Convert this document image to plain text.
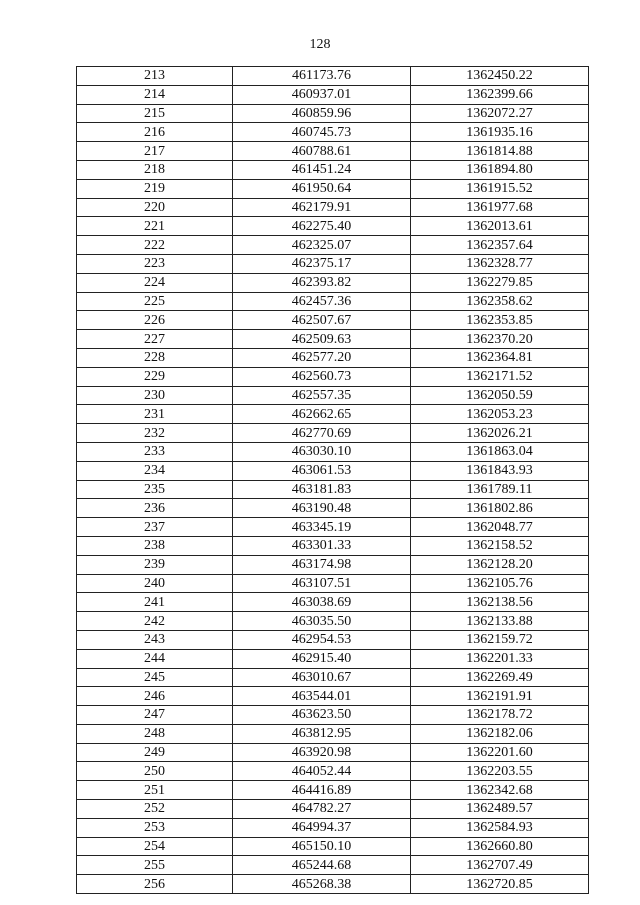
128
213	461173.76	1362450.22
214	460937.01	1362399.66
215	460859.96	1362072.27
216	460745.73	1361935.16
217	460788.61	1361814.88
218	461451.24	1361894.80
219	461950.64	1361915.52
220	462179.91	1361977.68
221	462275.40	1362013.61
222	462325.07	1362357.64
223	462375.17	1362328.77
224	462393.82	1362279.85
225	462457.36	1362358.62
226	462507.67	1362353.85
227	462509.63	1362370.20
228	462577.20	1362364.81
229	462560.73	1362171.52
230	462557.35	1362050.59
231	462662.65	1362053.23
232	462770.69	1362026.21
233	463030.10	1361863.04
234	463061.53	1361843.93
235	463181.83	1361789.11
236	463190.48	1361802.86
237	463345.19	1362048.77
238	463301.33	1362158.52
239	463174.98	1362128.20
240	463107.51	1362105.76
241	463038.69	1362138.56
242	463035.50	1362133.88
243	462954.53	1362159.72
244	462915.40	1362201.33
245	463010.67	1362269.49
246	463544.01	1362191.91
247	463623.50	1362178.72
248	463812.95	1362182.06
249	463920.98	1362201.60
250	464052.44	1362203.55
251	464416.89	1362342.68
252	464782.27	1362489.57
253	464994.37	1362584.93
254	465150.10	1362660.80
255	465244.68	1362707.49
256	465268.38	1362720.85
